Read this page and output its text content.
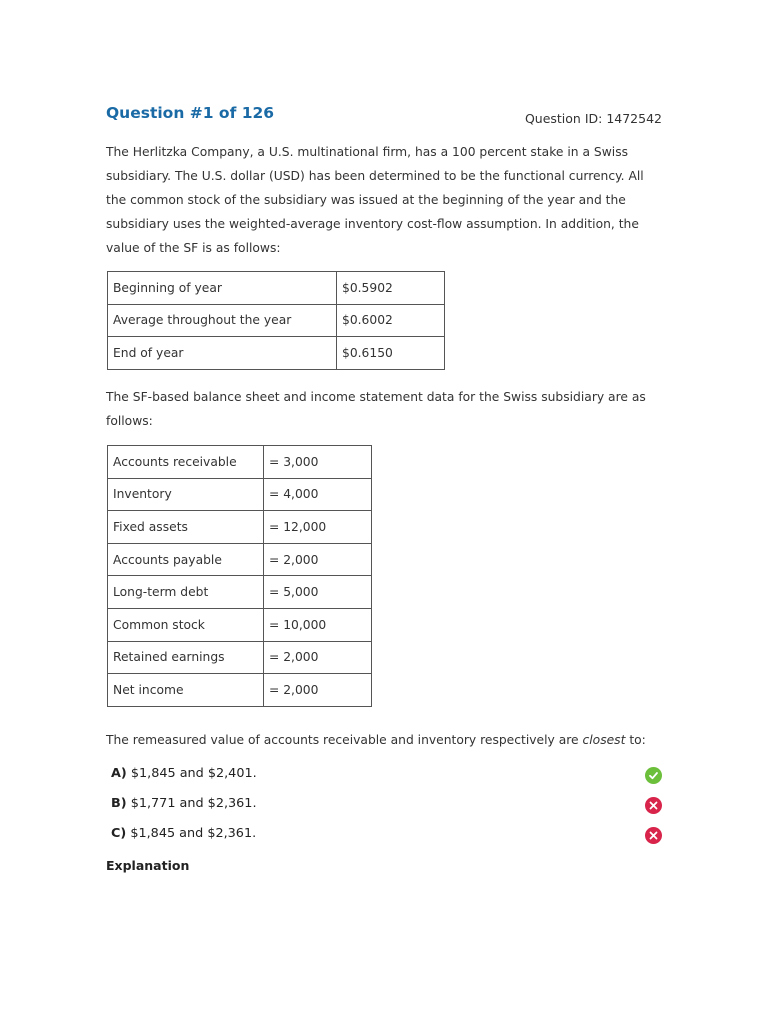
Question #1 of 126	Question ID: 1472542

The Herlitzka Company, a U.S. multinational firm, has a 100 percent stake in a Swiss subsidiary. The U.S. dollar (USD) has been determined to be the functional currency. All the common stock of the subsidiary was issued at the beginning of the year and the subsidiary uses the weighted-average inventory cost-flow assumption. In addition, the value of the SF is as follows:

Beginning of year	$0.5902
Average throughout the year	$0.6002
End of year	$0.6150

The SF-based balance sheet and income statement data for the Swiss subsidiary are as follows:

Accounts receivable	= 3,000
Inventory	= 4,000
Fixed assets	= 12,000
Accounts payable	= 2,000
Long-term debt	= 5,000
Common stock	= 10,000
Retained earnings	= 2,000
Net income	= 2,000

The remeasured value of accounts receivable and inventory respectively are closest to:

A) $1,845 and $2,401.
B) $1,771 and $2,361.
C) $1,845 and $2,361.
Explanation
